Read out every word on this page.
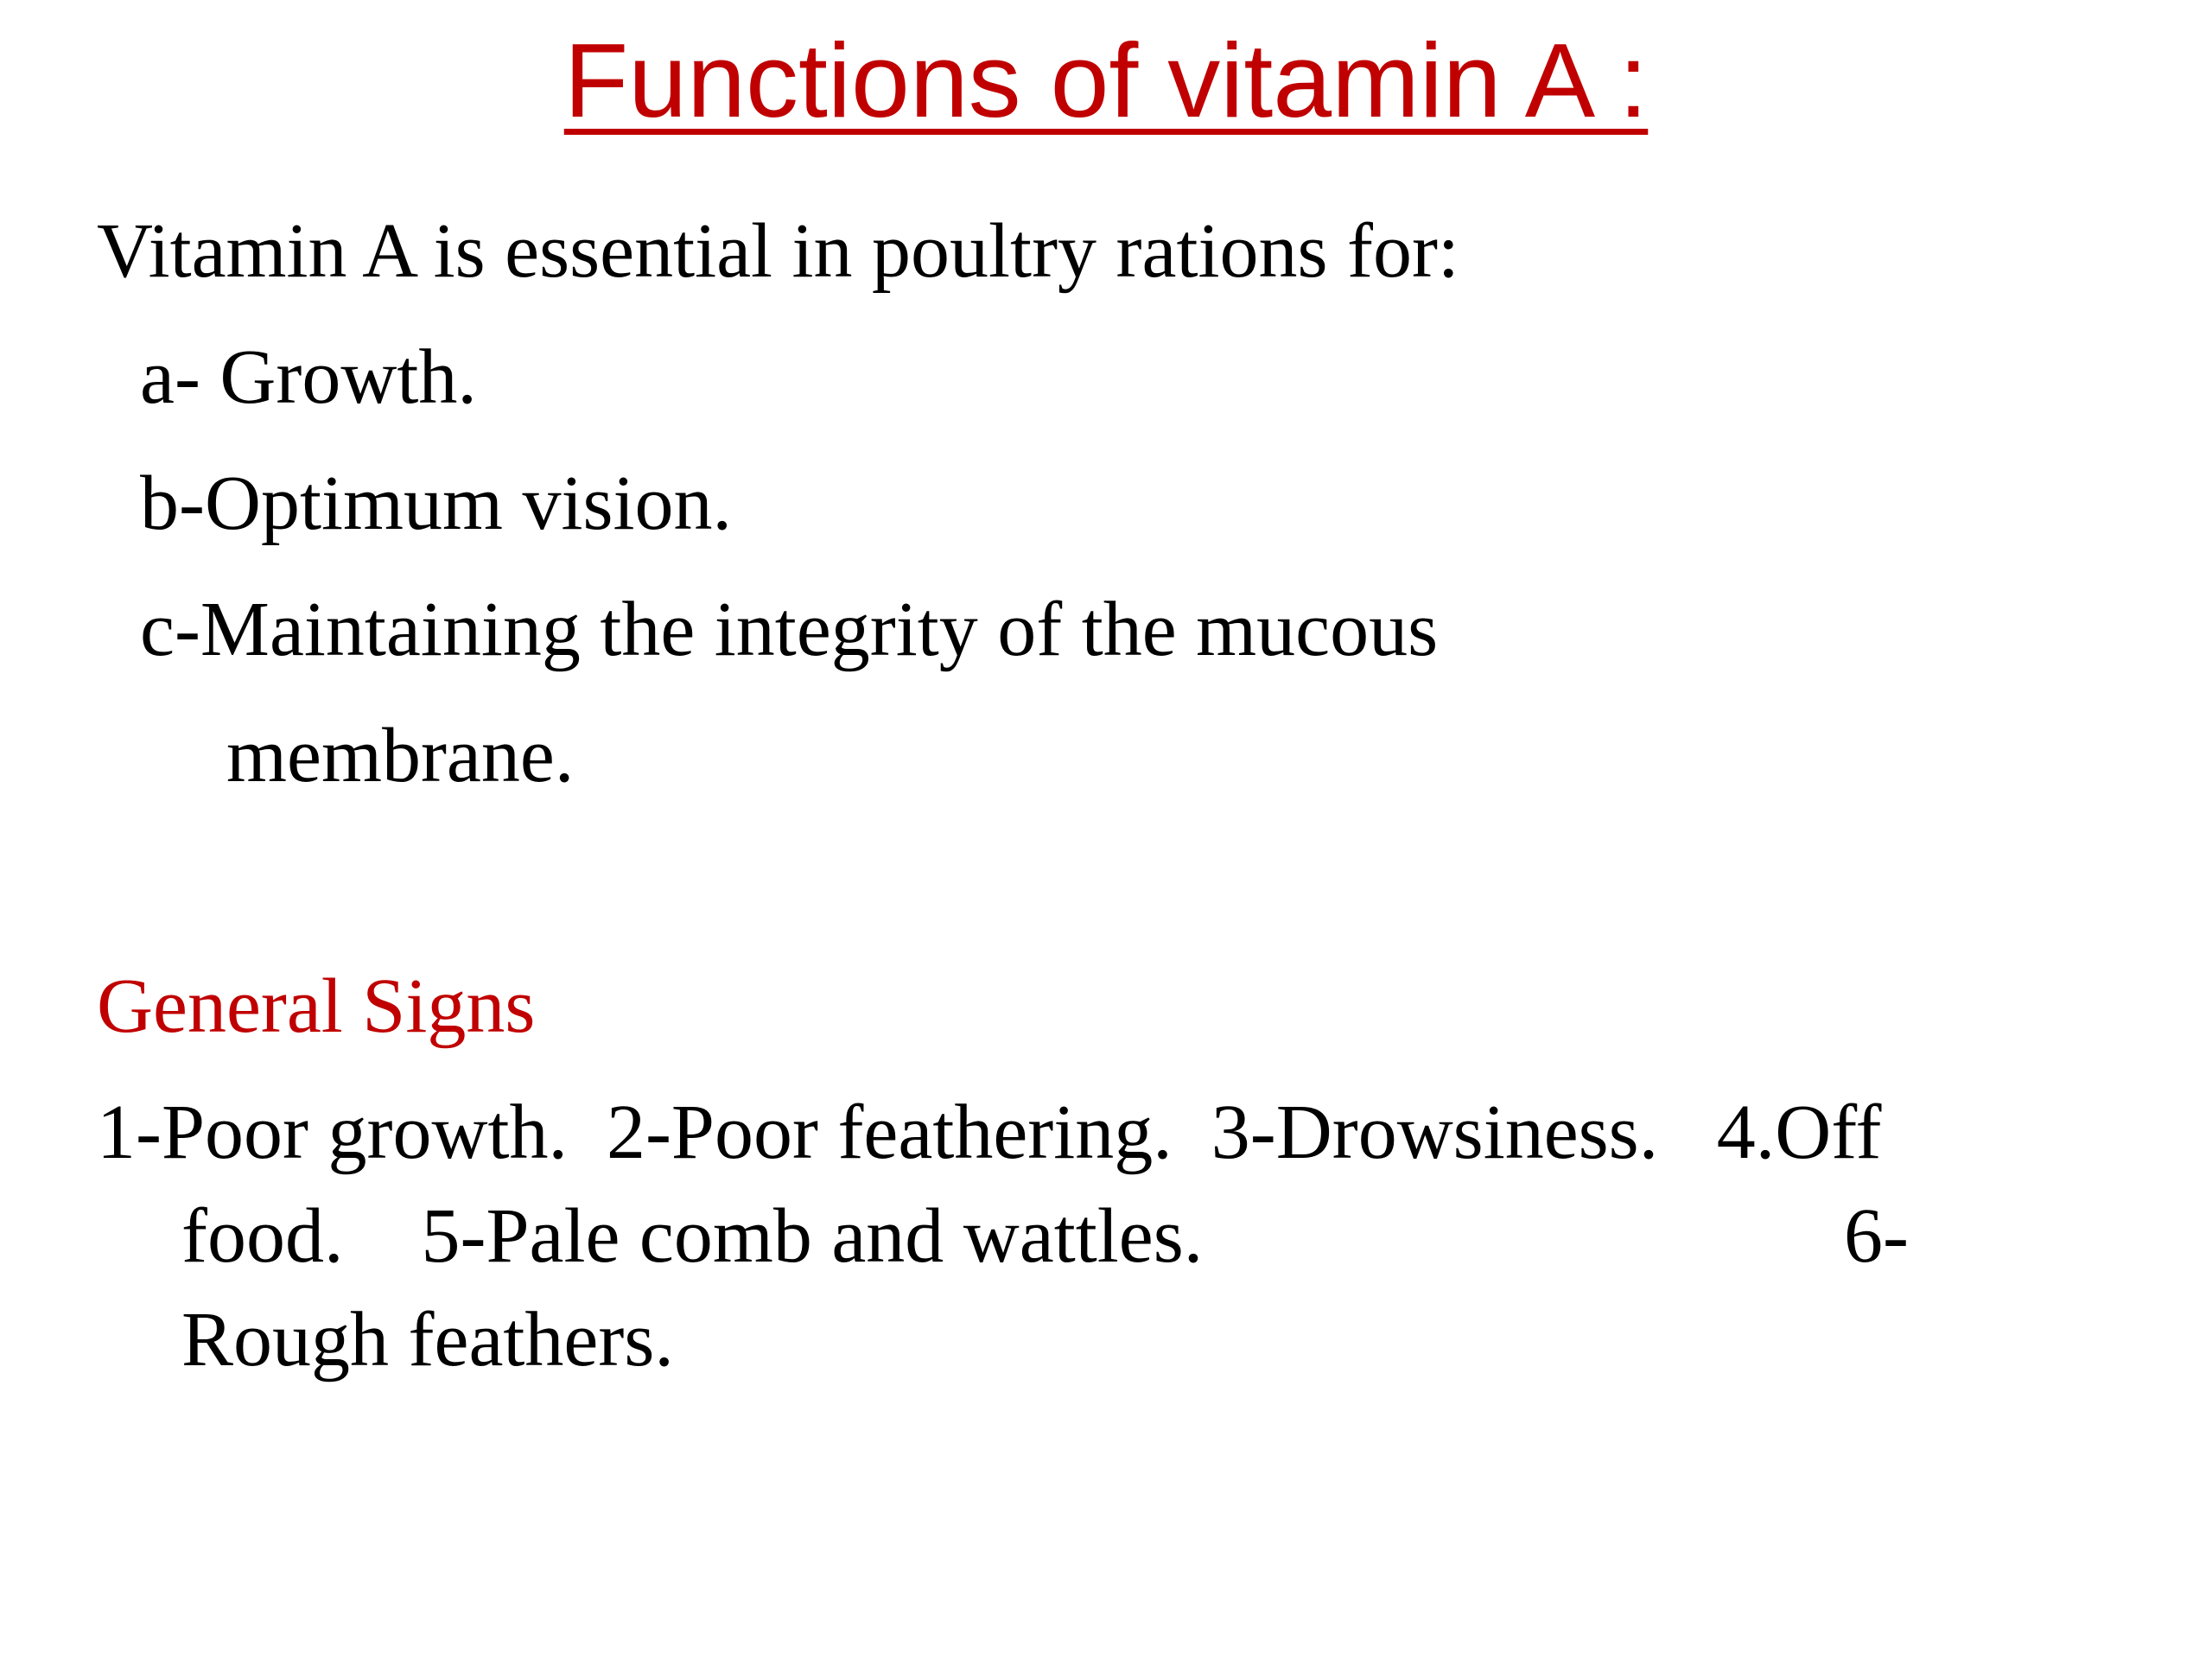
Functions of vitamin A :
Vitamin A is essential in poultry rations for:
a- Growth.
b-Optimum vision.
c-Maintaining the integrity of the mucous
membrane.
General Signs
1-Poor growth.  2-Poor feathering.  3-Drowsiness.   4.Off
food.    5-Pale comb and wattles.	6-
Rough feathers.
